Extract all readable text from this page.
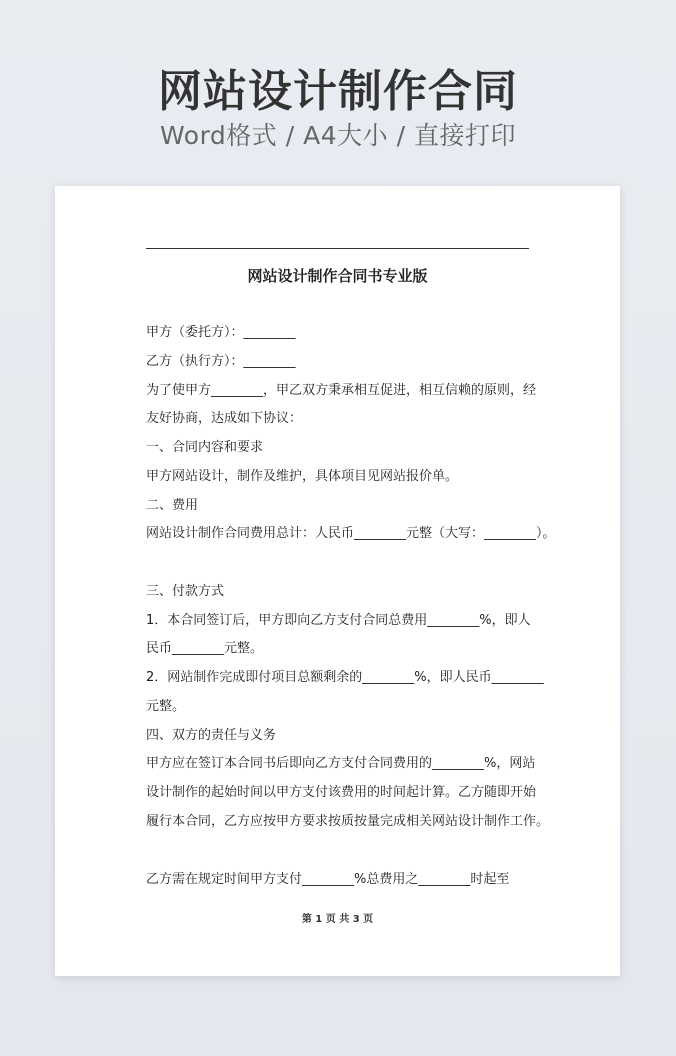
网站设计制作合同
Word格式 / A4大小 / 直接打印
网站设计制作合同书专业版
甲方（委托方）：________
乙方（执行方）：________
为了使甲方________，甲乙双方秉承相互促进，相互信赖的原则，经
友好协商，达成如下协议：
一、合同内容和要求
甲方网站设计，制作及维护，具体项目见网站报价单。
二、费用
网站设计制作合同费用总计：人民币________元整（大写：________）。
三、付款方式
1．本合同签订后，甲方即向乙方支付合同总费用________%，即人
民币________元整。
2．网站制作完成即付项目总额剩余的________%，即人民币________
元整。
四、双方的责任与义务
甲方应在签订本合同书后即向乙方支付合同费用的________%，网站
设计制作的起始时间以甲方支付该费用的时间起计算。乙方随即开始
履行本合同，乙方应按甲方要求按质按量完成相关网站设计制作工作。
乙方需在规定时间甲方支付________%总费用之________时起至
第 1 页 共 3 页
